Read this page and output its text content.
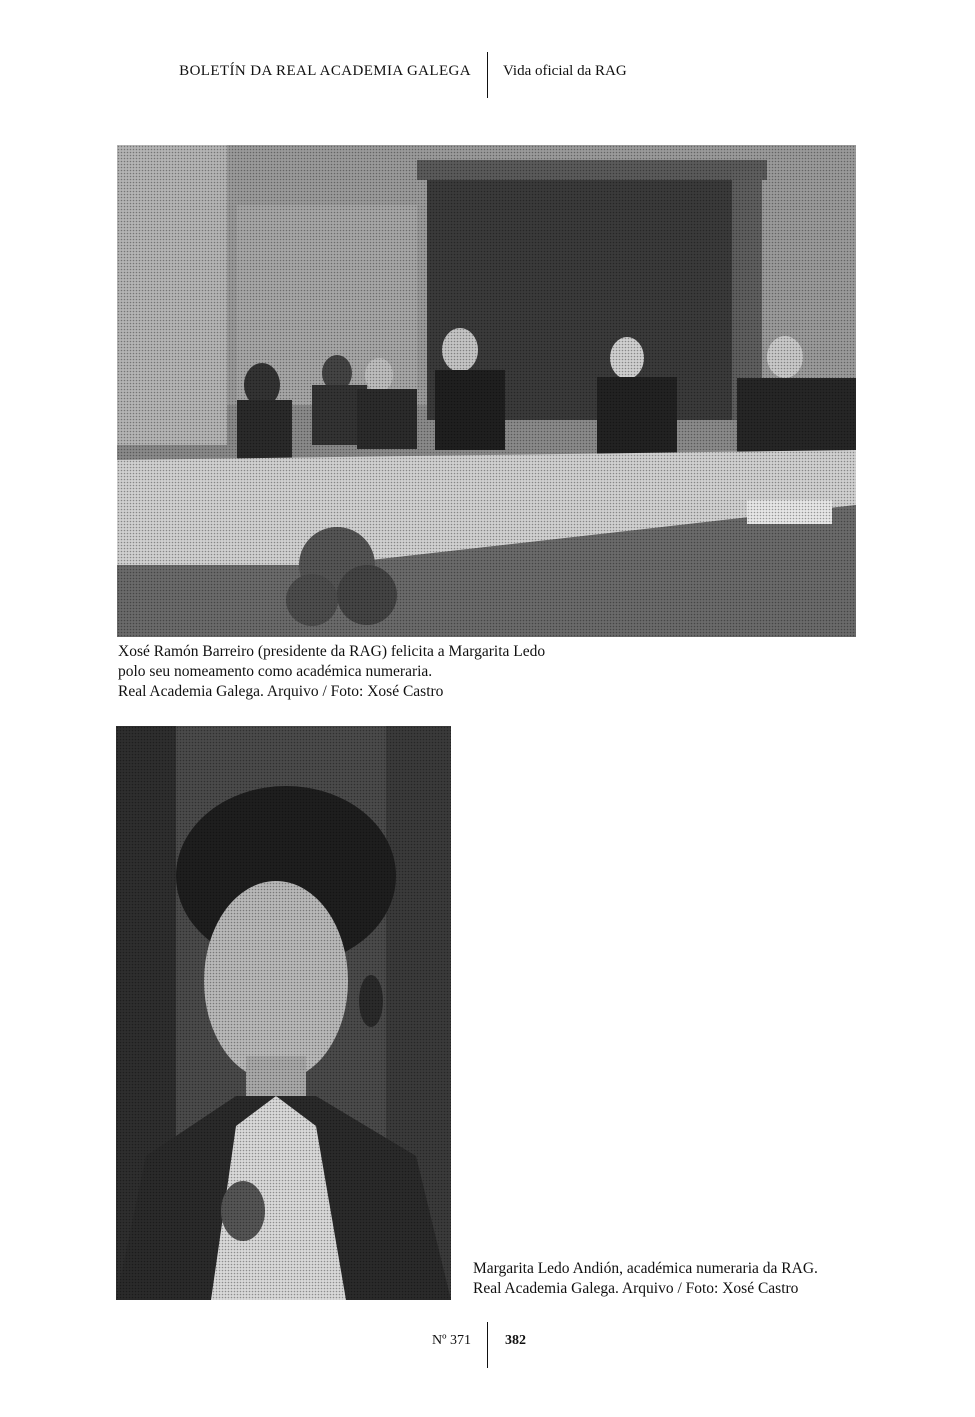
BOLETÍN DA REAL ACADEMIA GALEGA Vida oficial da RAG
Xosé Ramón Barreiro (presidente da RAG) felicita a Margarita Ledo
polo seu nomeamento como académica numeraria.
Real Academia Galega. Arquivo / Foto: Xosé Castro
Margarita Ledo Andión, académica numeraria da RAG.
Real Academia Galega. Arquivo / Foto: Xosé Castro
Nº 371 382
